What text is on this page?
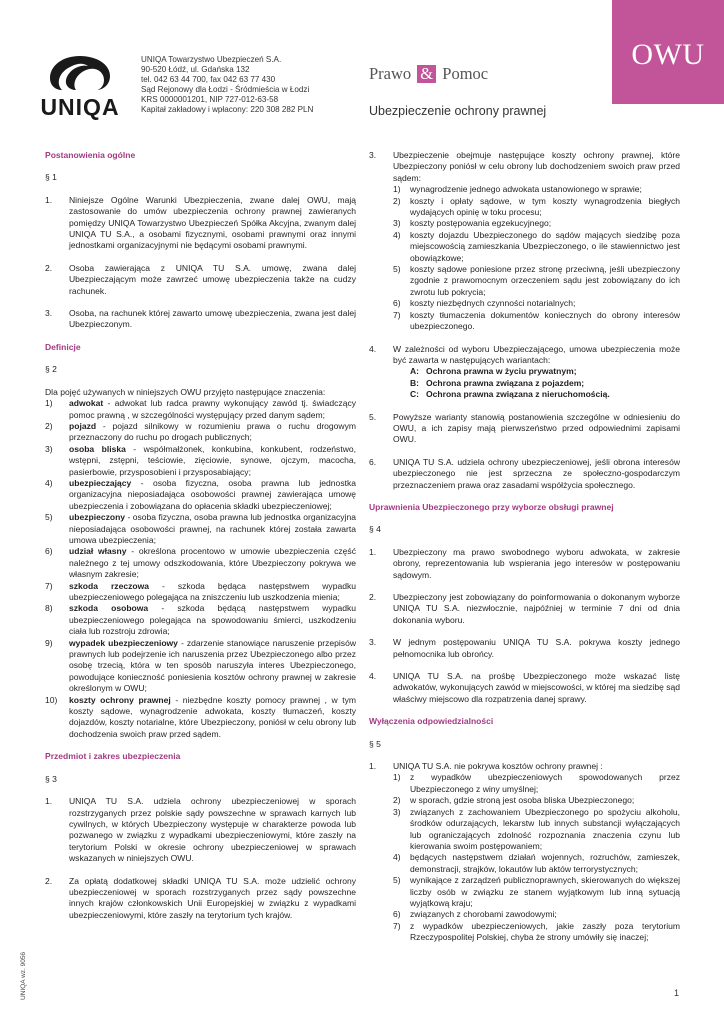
OWU
UNIQA
UNIQA Towarzystwo Ubezpieczeń S.A.
90-520 Łódź, ul. Gdańska 132
tel. 042 63 44 700, fax 042 63 77 430
Sąd Rejonowy dla Łodzi - Śródmieścia w Łodzi
KRS 0000001201, NIP 727-012-63-58
Kapitał zakładowy i wpłacony: 220 308 282 PLN
Prawo & Pomoc
Ubezpieczenie ochrony prawnej
Postanowienia ogólne
§ 1
1.	Niniejsze Ogólne Warunki Ubezpieczenia, zwane dalej OWU, mają zastosowanie do umów ubezpieczenia ochrony prawnej zawieranych pomiędzy UNIQA Towarzystwo Ubezpieczeń Spółka Akcyjna, zwanym dalej UNIQA TU S.A., a osobami fizycznymi, osobami prawnymi oraz innymi jednostkami organizacyjnymi nie będącymi osobami prawnymi.
2.	Osoba zawierająca z UNIQA TU S.A. umowę, zwana dalej Ubezpieczającym może zawrzeć umowę ubezpieczenia także na cudzy rachunek.
3.	Osoba, na rachunek której zawarto umowę ubezpieczenia, zwana jest dalej Ubezpieczonym.
Definicje
§ 2
Dla pojęć używanych w niniejszych OWU przyjęto następujące znaczenia:
1)	adwokat - adwokat lub radca prawny wykonujący zawód tj. świadczący pomoc prawną , w szczególności występujący przed danym sądem;
2)	pojazd - pojazd silnikowy w rozumieniu prawa o ruchu drogowym przeznaczony do ruchu po drogach publicznych;
3)	osoba bliska - współmałżonek, konkubina, konkubent, rodzeństwo, wstępni, zstępni, teściowie, zięciowie, synowe, ojczym, macocha, pasierbowie, przysposobieni i przysposabiający;
4)	ubezpieczający - osoba fizyczna, osoba prawna lub jednostka organizacyjna nieposiadająca osobowości prawnej zawierająca umowę ubezpieczenia i zobowiązana do opłacenia składki ubezpieczeniowej;
5)	ubezpieczony - osoba fizyczna, osoba prawna lub jednostka organizacyjna nieposiadająca osobowości prawnej, na rachunek której została zawarta umowa ubezpieczenia;
6)	udział własny - określona procentowo w umowie ubezpieczenia część należnego z tej umowy odszkodowania, które Ubezpieczony pokrywa we własnym zakresie;
7)	szkoda rzeczowa - szkoda będąca następstwem wypadku ubezpieczeniowego polegająca na zniszczeniu lub uszkodzenia mienia;
8)	szkoda osobowa - szkoda będącą następstwem wypadku ubezpieczeniowego polegająca na spowodowaniu śmierci, uszkodzeniu ciała lub rozstroju zdrowia;
9)	wypadek ubezpieczeniowy - zdarzenie stanowiące naruszenie przepisów prawnych lub podejrzenie ich naruszenia przez Ubezpieczonego albo przez osobę trzecią, która w ten sposób naruszyła interes Ubezpieczonego, powodujące konieczność poniesienia kosztów ochrony prawnej w zakresie określonym w OWU;
10)	koszty ochrony prawnej - niezbędne koszty pomocy prawnej , w tym koszty sądowe, wynagrodzenie adwokata, koszty tłumaczeń, koszty dojazdów, koszty notarialne, które Ubezpieczony, poniósł w celu obrony lub dochodzenia swoich praw przed sądem.
Przedmiot i zakres ubezpieczenia
§ 3
1.	UNIQA TU S.A. udziela ochrony ubezpieczeniowej w sporach rozstrzyganych przez polskie sądy powszechne w sprawach karnych lub cywilnych, w których Ubezpieczony występuje w charakterze powoda lub pozwanego w związku z wypadkami ubezpieczeniowymi, które zaszły na terytorium Polski w okresie ochrony ubezpieczeniowej w sprawach wskazanych w niniejszych OWU.
2.	Za opłatą dodatkowej składki UNIQA TU S.A. może udzielić ochrony ubezpieczeniowej w sporach rozstrzyganych przez sądy powszechne innych krajów członkowskich Unii Europejskiej w związku z wypadkami ubezpieczeniowymi, które zaszły na terytorium tych krajów.
3.	Ubezpieczenie obejmuje następujące koszty ochrony prawnej, które Ubezpieczony poniósł w celu obrony lub dochodzeniem swoich praw przed sądem:
1)	wynagrodzenie jednego adwokata ustanowionego w sprawie;
2)	koszty i opłaty sądowe, w tym koszty wynagrodzenia biegłych wydających opinię w toku procesu;
3)	koszty postępowania egzekucyjnego;
4)	koszty dojazdu Ubezpieczonego do sądów mających siedzibę poza miejscowością zamieszkania Ubezpieczonego, o ile stawiennictwo jest obowiązkowe;
5)	koszty sądowe poniesione przez stronę przeciwną, jeśli ubezpieczony zgodnie z prawomocnym orzeczeniem sądu jest zobowiązany do ich zwrotu lub pokrycia;
6)	koszty niezbędnych czynności notarialnych;
7)	koszty tłumaczenia dokumentów koniecznych do obrony interesów ubezpieczonego.
4.	W zależności od wyboru Ubezpieczającego, umowa ubezpieczenia może być zawarta w następujących wariantach:
A: Ochrona prawna w życiu prywatnym;
B: Ochrona prawna związana z pojazdem;
C: Ochrona prawna związana z nieruchomością.
5.	Powyższe warianty stanowią postanowienia szczególne w odniesieniu do OWU, a ich zapisy mają pierwszeństwo przed odpowiednimi zapisami OWU.
6.	UNIQA TU S.A. udziela ochrony ubezpieczeniowej, jeśli obrona interesów ubezpieczonego nie jest sprzeczna ze społeczno-gospodarczym przeznaczeniem prawa oraz zasadami współżycia społecznego.
Uprawnienia Ubezpieczonego przy wyborze obsługi prawnej
§ 4
1.	Ubezpieczony ma prawo swobodnego wyboru adwokata, w zakresie obrony, reprezentowania lub wspierania jego interesów w postępowaniu sądowym.
2.	Ubezpieczony jest zobowiązany do poinformowania o dokonanym wyborze UNIQA TU S.A. niezwłocznie, najpóźniej w terminie 7 dni od dnia dokonania wyboru.
3.	W jednym postępowaniu UNIQA TU S.A. pokrywa koszty jednego pełnomocnika lub obrońcy.
4.	UNIQA TU S.A. na prośbę Ubezpieczonego może wskazać listę adwokatów, wykonujących zawód w miejscowości, w której ma siedzibę sąd właściwy miejscowo dla rozpatrzenia danej sprawy.
Wyłączenia odpowiedzialności
§ 5
1.	UNIQA TU S.A. nie pokrywa kosztów ochrony prawnej :
1)	z wypadków ubezpieczeniowych spowodowanych przez Ubezpieczonego z winy umyślnej;
2)	w sporach, gdzie stroną jest osoba bliska Ubezpieczonego;
3)	związanych z zachowaniem Ubezpieczonego po spożyciu alkoholu, środków odurzających, lekarstw lub innych substancji wyłączających lub ograniczających zdolność rozpoznania znaczenia czynu lub kierowania swoim postępowaniem;
4)	będących następstwem działań wojennych, rozruchów, zamieszek, demonstracji, strajków, lokautów lub aktów terrorystycznych;
5)	wynikające z zarządzeń publicznoprawnych, skierowanych do większej liczby osób w związku ze stanem wyjątkowym lub inną sytuacją wyjątkową kraju;
6)	związanych z chorobami zawodowymi;
7)	z wypadków ubezpieczeniowych, jakie zaszły poza terytorium Rzeczypospolitej Polskiej, chyba że strony umówiły się inaczej;
UNIQA wz. 9056	1
